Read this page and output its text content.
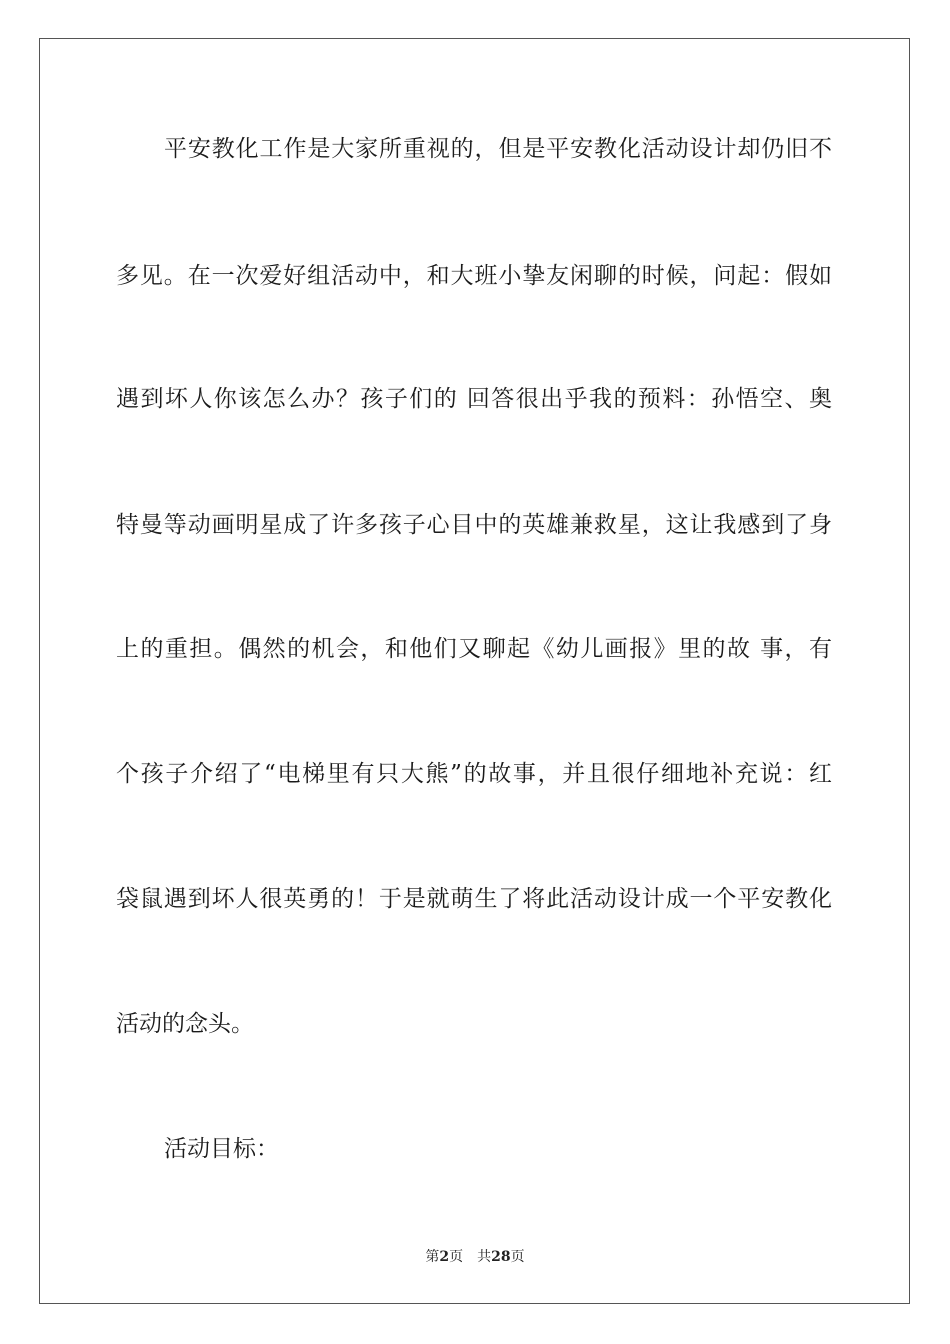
平安教化工作是大家所重视的，但是平安教化活动设计却仍旧不
多见。在一次爱好组活动中，和大班小挚友闲聊的时候，问起：假如
遇到坏人你该怎么办？孩子们的 回答很出乎我的预料：孙悟空、奥
特曼等动画明星成了许多孩子心目中的英雄兼救星，这让我感到了身
上的重担。偶然的机会，和他们又聊起《幼儿画报》里的故 事，有
个孩子介绍了“电梯里有只大熊”的故事，并且很仔细地补充说：红
袋鼠遇到坏人很英勇的！于是就萌生了将此活动设计成一个平安教化
活动的念头。
活动目标：
第2页 共28页
